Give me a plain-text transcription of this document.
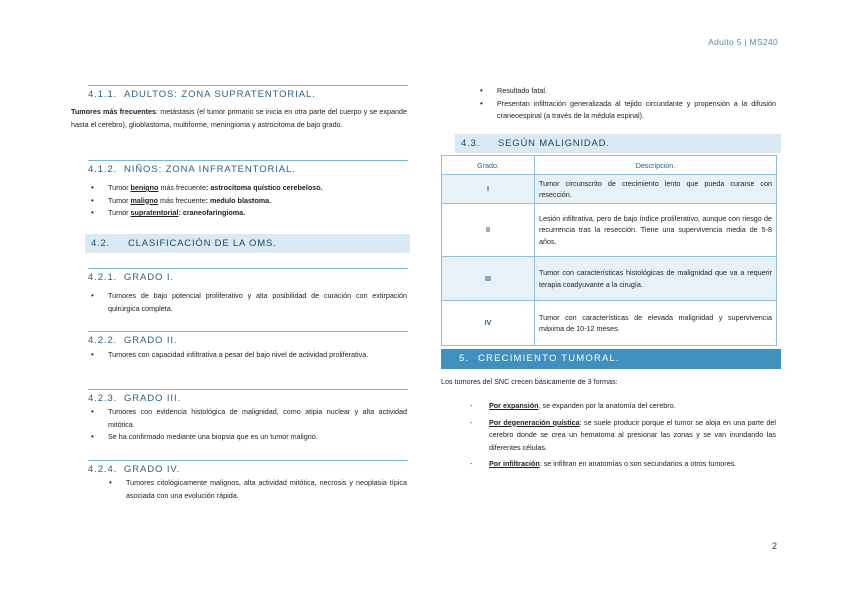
Adulto 5 | MS240
2
4.1.1. ADULTOS: ZONA SUPRATENTORIAL.
Tumores más frecuentes: metástasis (el tumor primario se inicia en otra parte del cuerpo y se expande hasta el cerebro), glioblastoma, multiforme, meningioma y astrocitoma de bajo grado.
4.1.2. NIÑOS: ZONA INFRATENTORIAL.
• Tumor benigno más frecuente: astrocitoma quístico cerebeloso.
• Tumor maligno más frecuente: medulo blastoma.
• Tumor supratentorial: craneofaringioma.
4.2. CLASIFICACIÓN DE LA OMS.
4.2.1. GRADO I.
• Tumores de bajo potencial proliferativo y alta posibilidad de curación con extirpación quirúrgica completa.
4.2.2. GRADO II.
• Tumores con capacidad infiltrativa a pesar del bajo nivel de actividad proliferativa.
4.2.3. GRADO III.
• Tumores con evidencia histológica de malignidad, como atipia nuclear y alta actividad mitótica.
• Se ha confirmado mediante una biopsia que es un tumor maligno.
4.2.4. GRADO IV.
• Tumores citológicamente malignos, alta actividad mitótica, necrosis y neoplasia típica asociada con una evolución rápida.
• Resultado fatal.
• Presentan infiltración generalizada al tejido circundante y propensión a la difusión craneoespinal (a través de la médula espinal).
4.3. SEGÚN MALIGNIDAD.
Grado.	Descripción.
I	Tumor circunscrito de crecimiento lento que pueda curarse con resección.
II	Lesión infiltrativa, pero de bajo índice proliferativo, aunque con riesgo de recurrencia tras la resección. Tiene una supervivencia media de 5-8 años.
III	Tumor con características histológicas de malignidad que va a requerir terapia coadyuvante a la cirugía.
IV	Tumor con características de elevada malignidad y supervivencia máxima de 10-12 meses.
5. CRECIMIENTO TUMORAL.
Los tumores del SNC crecen básicamente de 3 formas:
- Por expansión, se expanden por la anatomía del cerebro.
- Por degeneración quística: se suele producir porque el tumor se aloja en una parte del cerebro donde se crea un hematoma al presionar las zonas y se van inundando las diferentes células.
- Por infiltración: se infiltran en anatomías o son secundarios a otros tumores.
